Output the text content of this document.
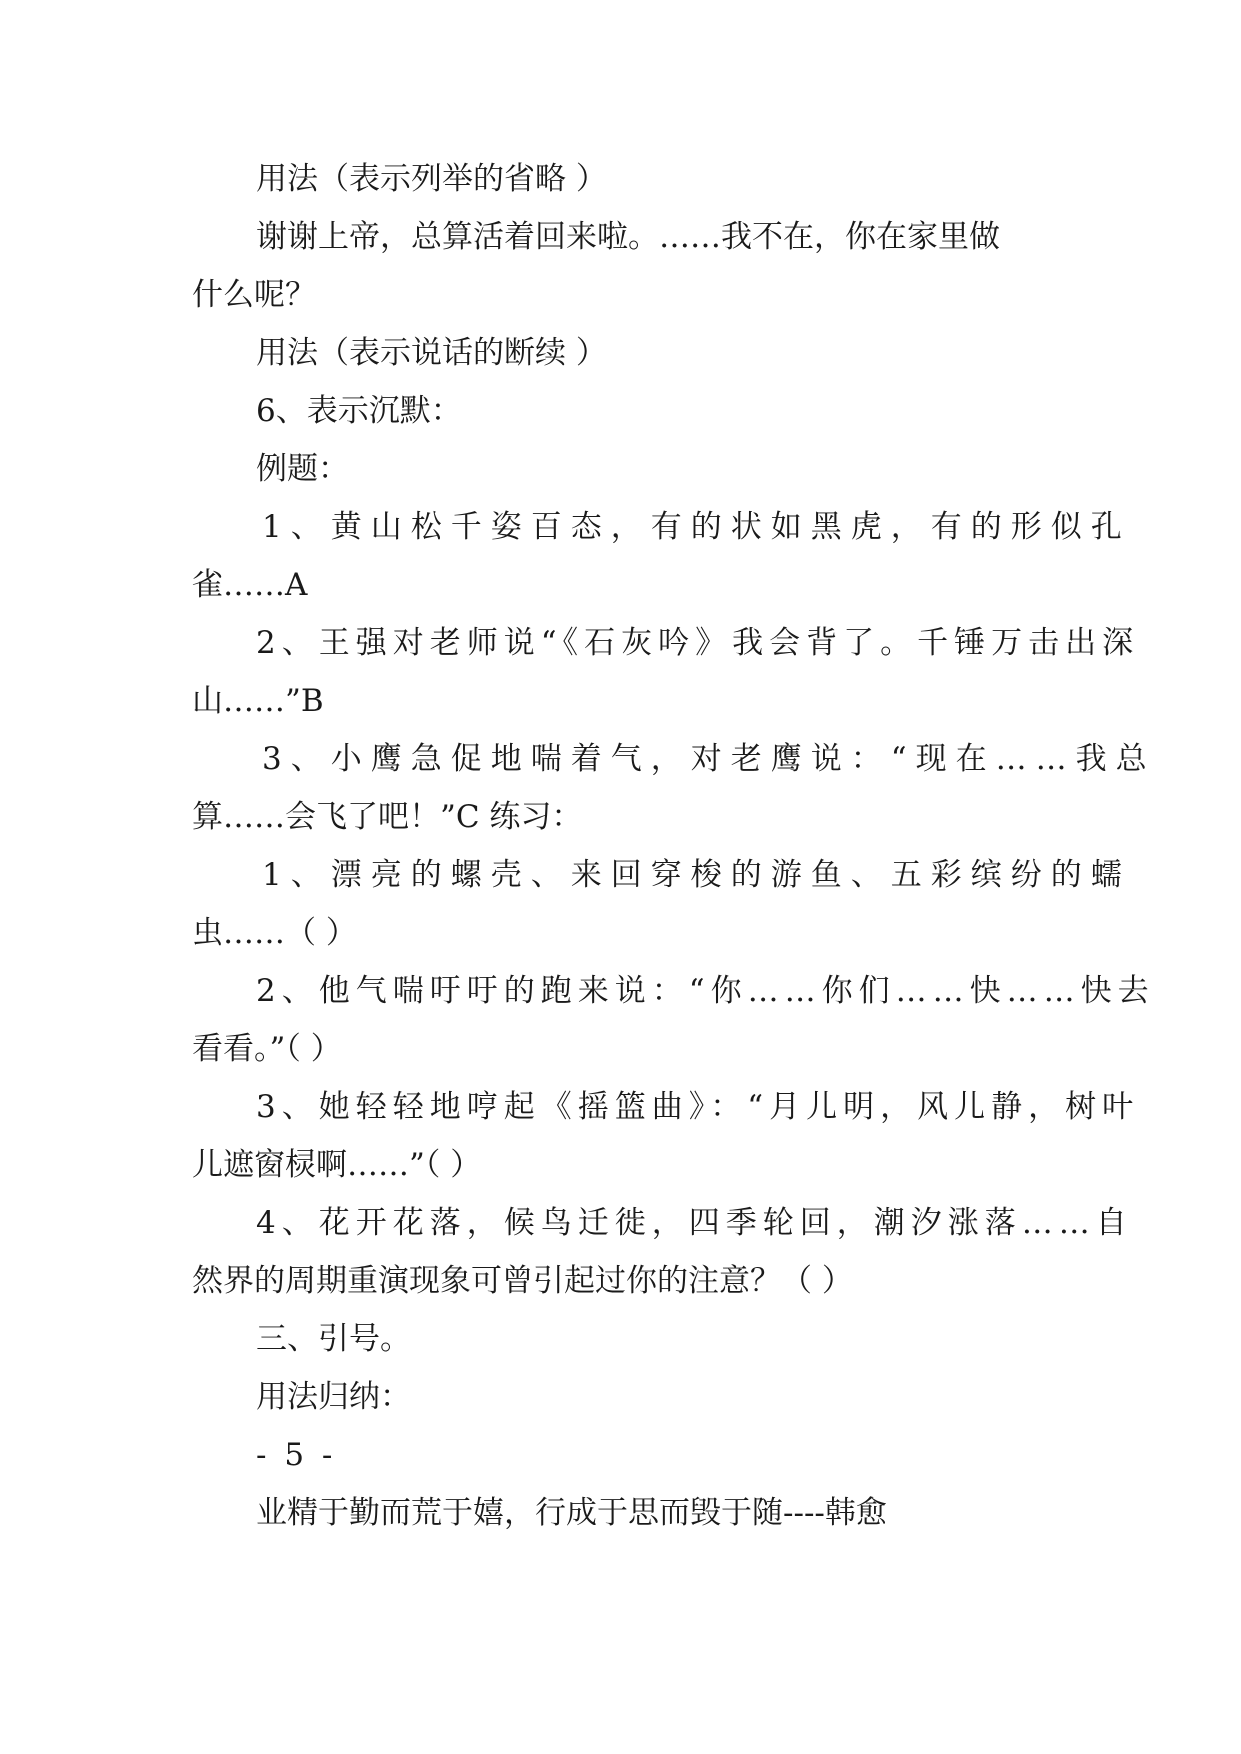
用法（表示列举的省略 ）
谢谢上帝，总算活着回来啦。……我不在，你在家里做
什么呢？
用法（表示说话的断续 ）
6、表示沉默：
例题：
1、黄山松千姿百态，有的状如黑虎，有的形似孔
雀……A
2、王强对老师说“《石灰吟》我会背了。千锤万击出深
山……”B
3、小鹰急促地喘着气，对老鹰说：“现在……我总
算……会飞了吧！”C 练习：
1、漂亮的螺壳、来回穿梭的游鱼、五彩缤纷的蠕
虫……（ ）
2、他气喘吁吁的跑来说：“你……你们……快……快去
看看。”（ ）
3、她轻轻地哼起《摇篮曲》：“月儿明，风儿静，树叶
儿遮窗棂啊……”（ ）
4、花开花落，候鸟迁徙，四季轮回，潮汐涨落……自
然界的周期重演现象可曾引起过你的注意？（ ）
三、引号。
用法归纳：
- 5 -
业精于勤而荒于嬉，行成于思而毁于随----韩愈
